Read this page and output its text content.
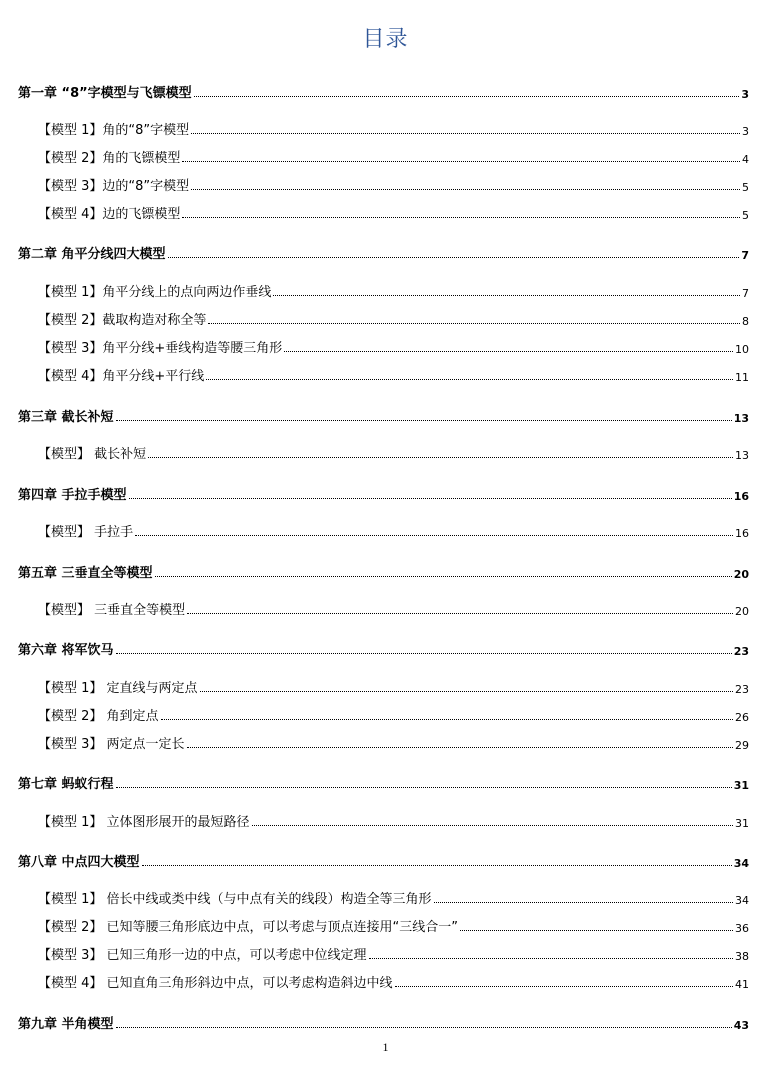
目录
第一章 “8”字模型与飞镖模型	3
【模型 1】角的“8”字模型	3
【模型 2】角的飞镖模型	4
【模型 3】边的“8”字模型	5
【模型 4】边的飞镖模型	5
第二章 角平分线四大模型	7
【模型 1】角平分线上的点向两边作垂线	7
【模型 2】截取构造对称全等	8
【模型 3】角平分线+垂线构造等腰三角形	10
【模型 4】角平分线+平行线	11
第三章 截长补短	13
【模型】 截长补短	13
第四章 手拉手模型	16
【模型】 手拉手	16
第五章 三垂直全等模型	20
【模型】 三垂直全等模型	20
第六章 将军饮马	23
【模型 1】 定直线与两定点	23
【模型 2】 角到定点	26
【模型 3】 两定点一定长	29
第七章 蚂蚁行程	31
【模型 1】 立体图形展开的最短路径	31
第八章 中点四大模型	34
【模型 1】 倍长中线或类中线（与中点有关的线段）构造全等三角形	34
【模型 2】 已知等腰三角形底边中点，可以考虑与顶点连接用“三线合一”	36
【模型 3】 已知三角形一边的中点，可以考虑中位线定理	38
【模型 4】 已知直角三角形斜边中点，可以考虑构造斜边中线	41
第九章 半角模型	43
1
